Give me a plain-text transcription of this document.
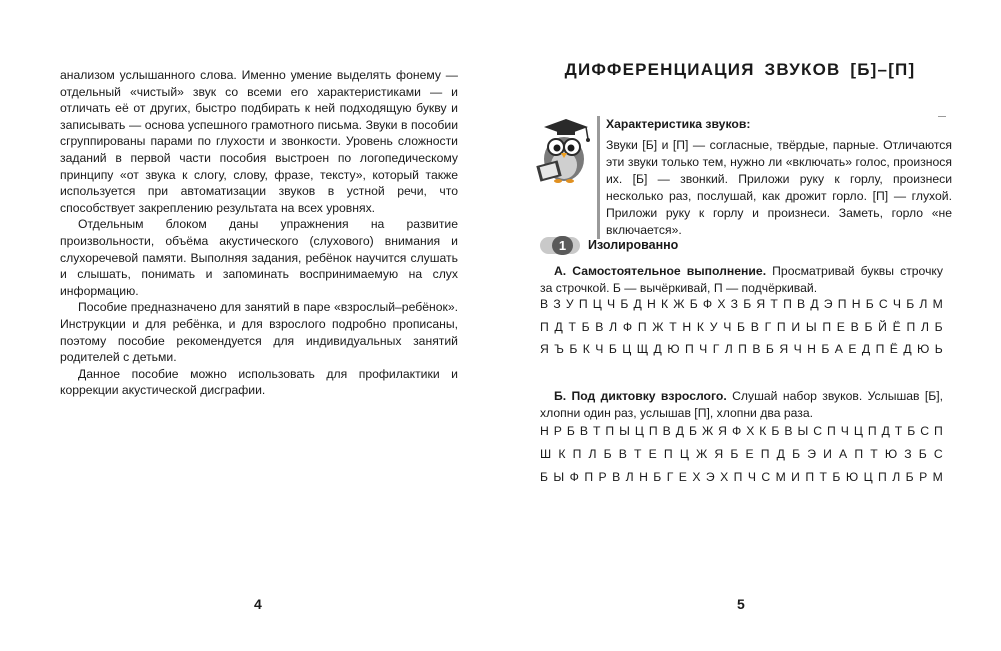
анализом услышанного слова. Именно умение выделять фонему — отдельный «чистый» звук со всеми его характеристиками — и отличать её от других, быстро подбирать к ней подходящую букву и записывать — основа успешного грамотного письма. Звуки в пособии сгруппированы парами по глухости и звонкости. Уровень сложности заданий в первой части пособия выстроен по логопедическому принципу «от звука к слогу, слову, фразе, тексту», который также используется при автоматизации звуков в устной речи, что способствует закреплению результата на всех уровнях.

Отдельным блоком даны упражнения на развитие произвольности, объёма акустического (слухового) внимания и слухоречевой памяти. Выполняя задания, ребёнок научится слушать и слышать, понимать и запоминать воспринимаемую на слух информацию.

Пособие предназначено для занятий в паре «взрослый–ребёнок». Инструкции и для ребёнка, и для взрослого подробно прописаны, поэтому пособие рекомендуется для индивидуальных занятий родителей с детьми.

Данное пособие можно использовать для профилактики и коррекции акустической дисграфии.

4
ДИФФЕРЕНЦИАЦИЯ ЗВУКОВ [Б]–[П]
Характеристика звуков:
Звуки [Б] и [П] — согласные, твёрдые, парные. Отличаются эти звуки только тем, нужно ли «включать» голос, произнося их. [Б] — звонкий. Приложи руку к горлу, произнеси несколько раз, послушай, как дрожит горло. [П] — глухой. Приложи руку к горлу и произнеси. Заметь, горло «не включается».
1	Изолированно
А. Самостоятельное выполнение. Просматривай буквы строчку за строчкой. Б — вычёркивай, П — подчёркивай.
В З У П Ц Ч Б Д Н К Ж Б Ф Х З Б Я Т П В Д Э П Н Б С Ч Б Л М
П Д Т Б В Л Ф П Ж Т Н К У Ч Б В Г П И Ы П Е В Б Й Ё П Л Б
Я Ъ Б К Ч Б Ц Щ Д Ю П Ч Г Л П В Б Я Ч Н Б А Е Д П Ё Д Ю Ь
Б. Под диктовку взрослого. Слушай набор звуков. Услышав [Б], хлопни один раз, услышав [П], хлопни два раза.
Н Р Б В Т П Ы Ц П В Д Б Ж Я Ф Х К Б В Ы С П Ч Ц П Д Т Б С П
Ш К П Л Б В Т Е П Ц Ж Я Б Е П Д Б Э И А П Т Ю З Б С
Б Ы Ф П Р В Л Н Б Г Е Х Э Х П Ч С М И П Т Б Ю Ц П Л Б Р М
5
